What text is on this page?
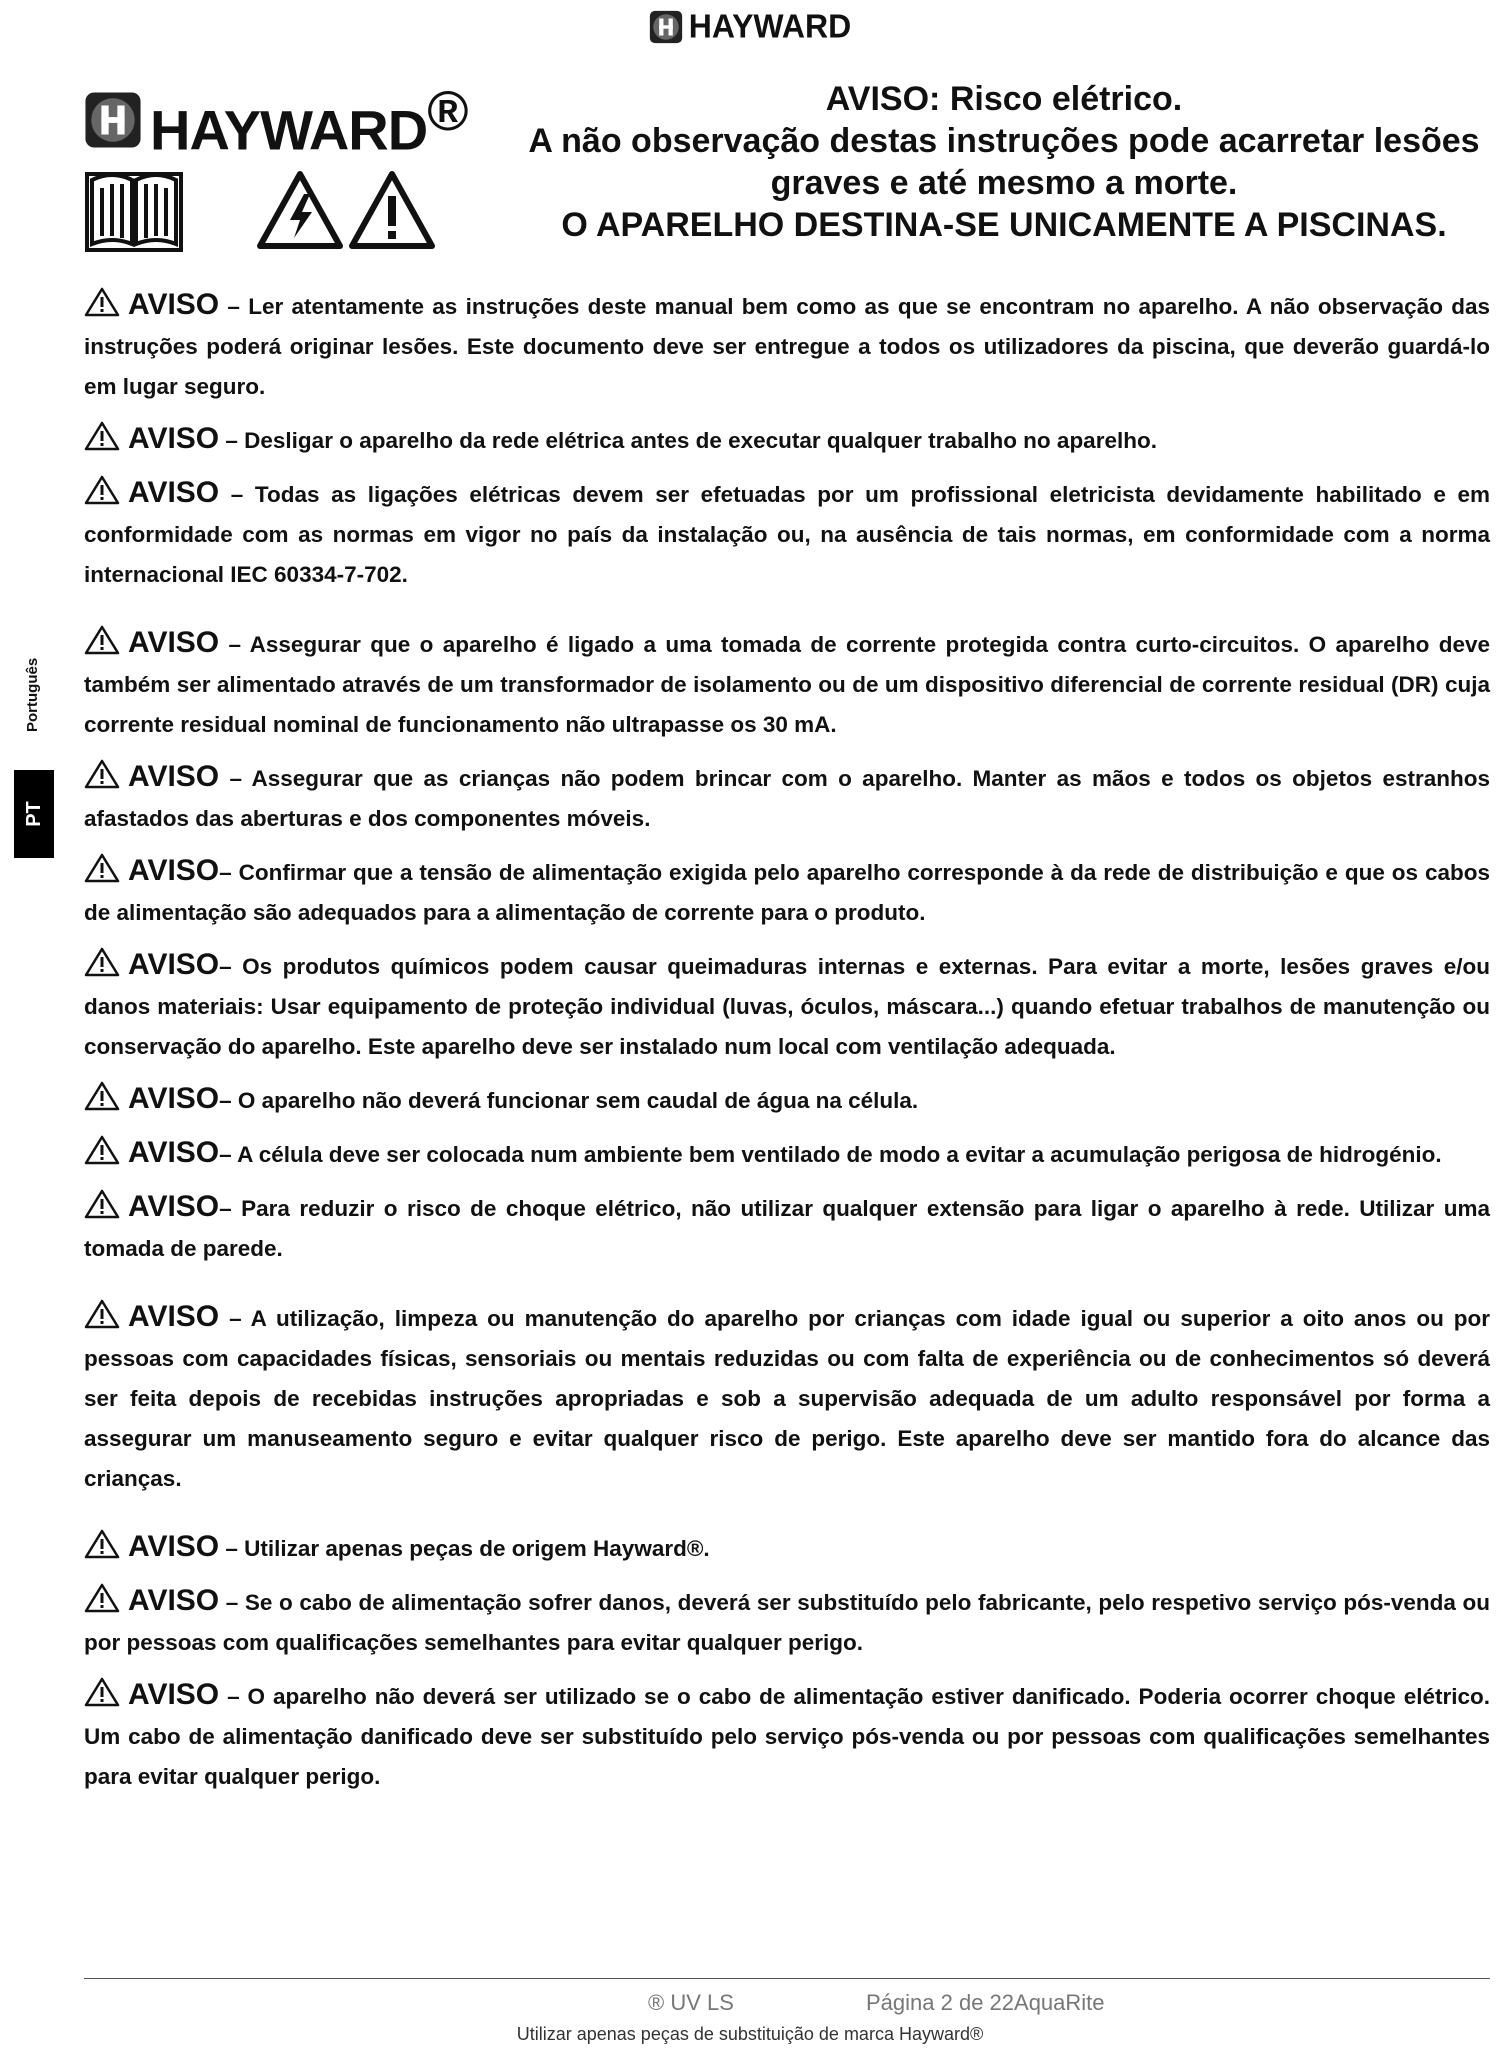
HAYWARD
HAYWARD®	AVISO: Risco elétrico.
A não observação destas instruções pode acarretar lesões
graves e até mesmo a morte.
O APARELHO DESTINA-SE UNICAMENTE A PISCINAS.
Português
PT

AVISO – Ler atentamente as instruções deste manual bem como as que se encontram no aparelho. A não observação das instruções poderá originar lesões. Este documento deve ser entregue a todos os utilizadores da piscina, que deverão guardá-lo em lugar seguro.

AVISO – Desligar o aparelho da rede elétrica antes de executar qualquer trabalho no aparelho.

AVISO – Todas as ligações elétricas devem ser efetuadas por um profissional eletricista devidamente habilitado e em conformidade com as normas em vigor no país da instalação ou, na ausência de tais normas, em conformidade com a norma internacional IEC 60334-7-702.

AVISO – Assegurar que o aparelho é ligado a uma tomada de corrente protegida contra curto-circuitos. O aparelho deve também ser alimentado através de um transformador de isolamento ou de um dispositivo diferencial de corrente residual (DR) cuja corrente residual nominal de funcionamento não ultrapasse os 30 mA.

AVISO – Assegurar que as crianças não podem brincar com o aparelho. Manter as mãos e todos os objetos estranhos afastados das aberturas e dos componentes móveis.

AVISO– Confirmar que a tensão de alimentação exigida pelo aparelho corresponde à da rede de distribuição e que os cabos de alimentação são adequados para a alimentação de corrente para o produto.

AVISO– Os produtos químicos podem causar queimaduras internas e externas. Para evitar a morte, lesões graves e/ou danos materiais: Usar equipamento de proteção individual (luvas, óculos, máscara...) quando efetuar trabalhos de manutenção ou conservação do aparelho. Este aparelho deve ser instalado num local com ventilação adequada.

AVISO– O aparelho não deverá funcionar sem caudal de água na célula.

AVISO– A célula deve ser colocada num ambiente bem ventilado de modo a evitar a acumulação perigosa de hidrogénio.

AVISO– Para reduzir o risco de choque elétrico, não utilizar qualquer extensão para ligar o aparelho à rede. Utilizar uma tomada de parede.

AVISO – A utilização, limpeza ou manutenção do aparelho por crianças com idade igual ou superior a oito anos ou por pessoas com capacidades físicas, sensoriais ou mentais reduzidas ou com falta de experiência ou de conhecimentos só deverá ser feita depois de recebidas instruções apropriadas e sob a supervisão adequada de um adulto responsável por forma a assegurar um manuseamento seguro e evitar qualquer risco de perigo. Este aparelho deve ser mantido fora do alcance das crianças.

AVISO – Utilizar apenas peças de origem Hayward®.

AVISO – Se o cabo de alimentação sofrer danos, deverá ser substituído pelo fabricante, pelo respetivo serviço pós-venda ou por pessoas com qualificações semelhantes para evitar qualquer perigo.

AVISO – O aparelho não deverá ser utilizado se o cabo de alimentação estiver danificado. Poderia ocorrer choque elétrico. Um cabo de alimentação danificado deve ser substituído pelo serviço pós-venda ou por pessoas com qualificações semelhantes para evitar qualquer perigo.

® UV LS	Página 2 de 22AquaRite
Utilizar apenas peças de substituição de marca Hayward®
